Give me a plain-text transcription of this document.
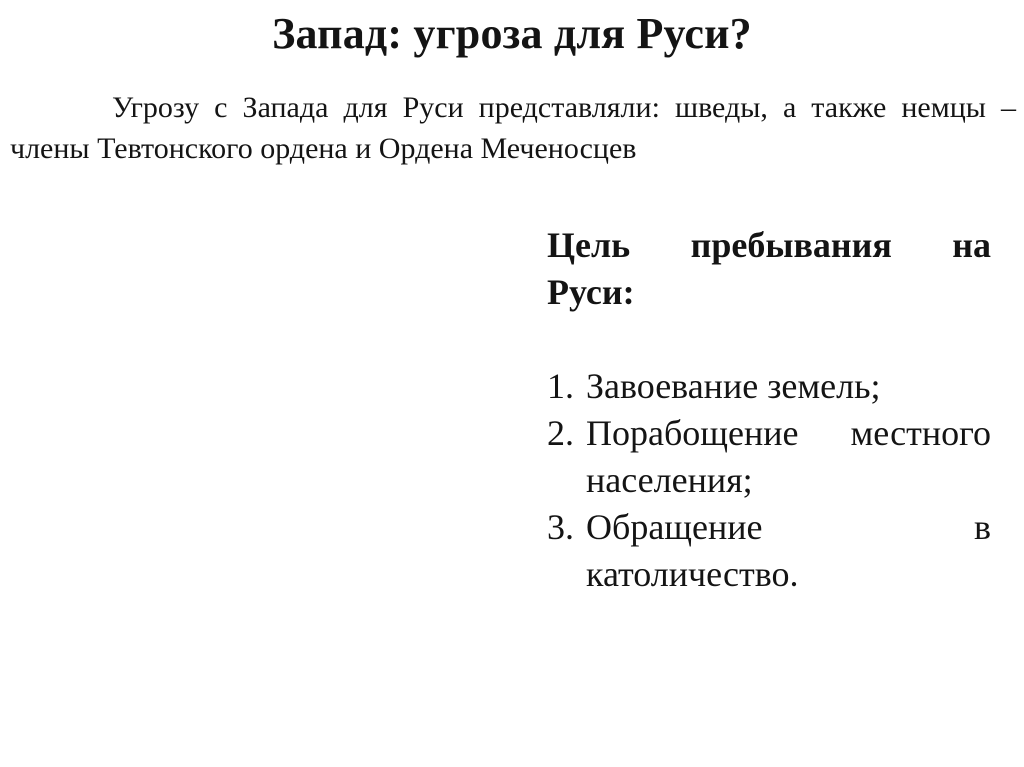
Запад: угроза для Руси?
Угрозу с Запада для Руси представляли: шведы, а также немцы – члены Тевтонского ордена и Ордена Меченосцев
Цель пребывания на
Руси:
1. Завоевание земель;
2. Порабощение местного
населения;
3. Обращение	в
католичество.
